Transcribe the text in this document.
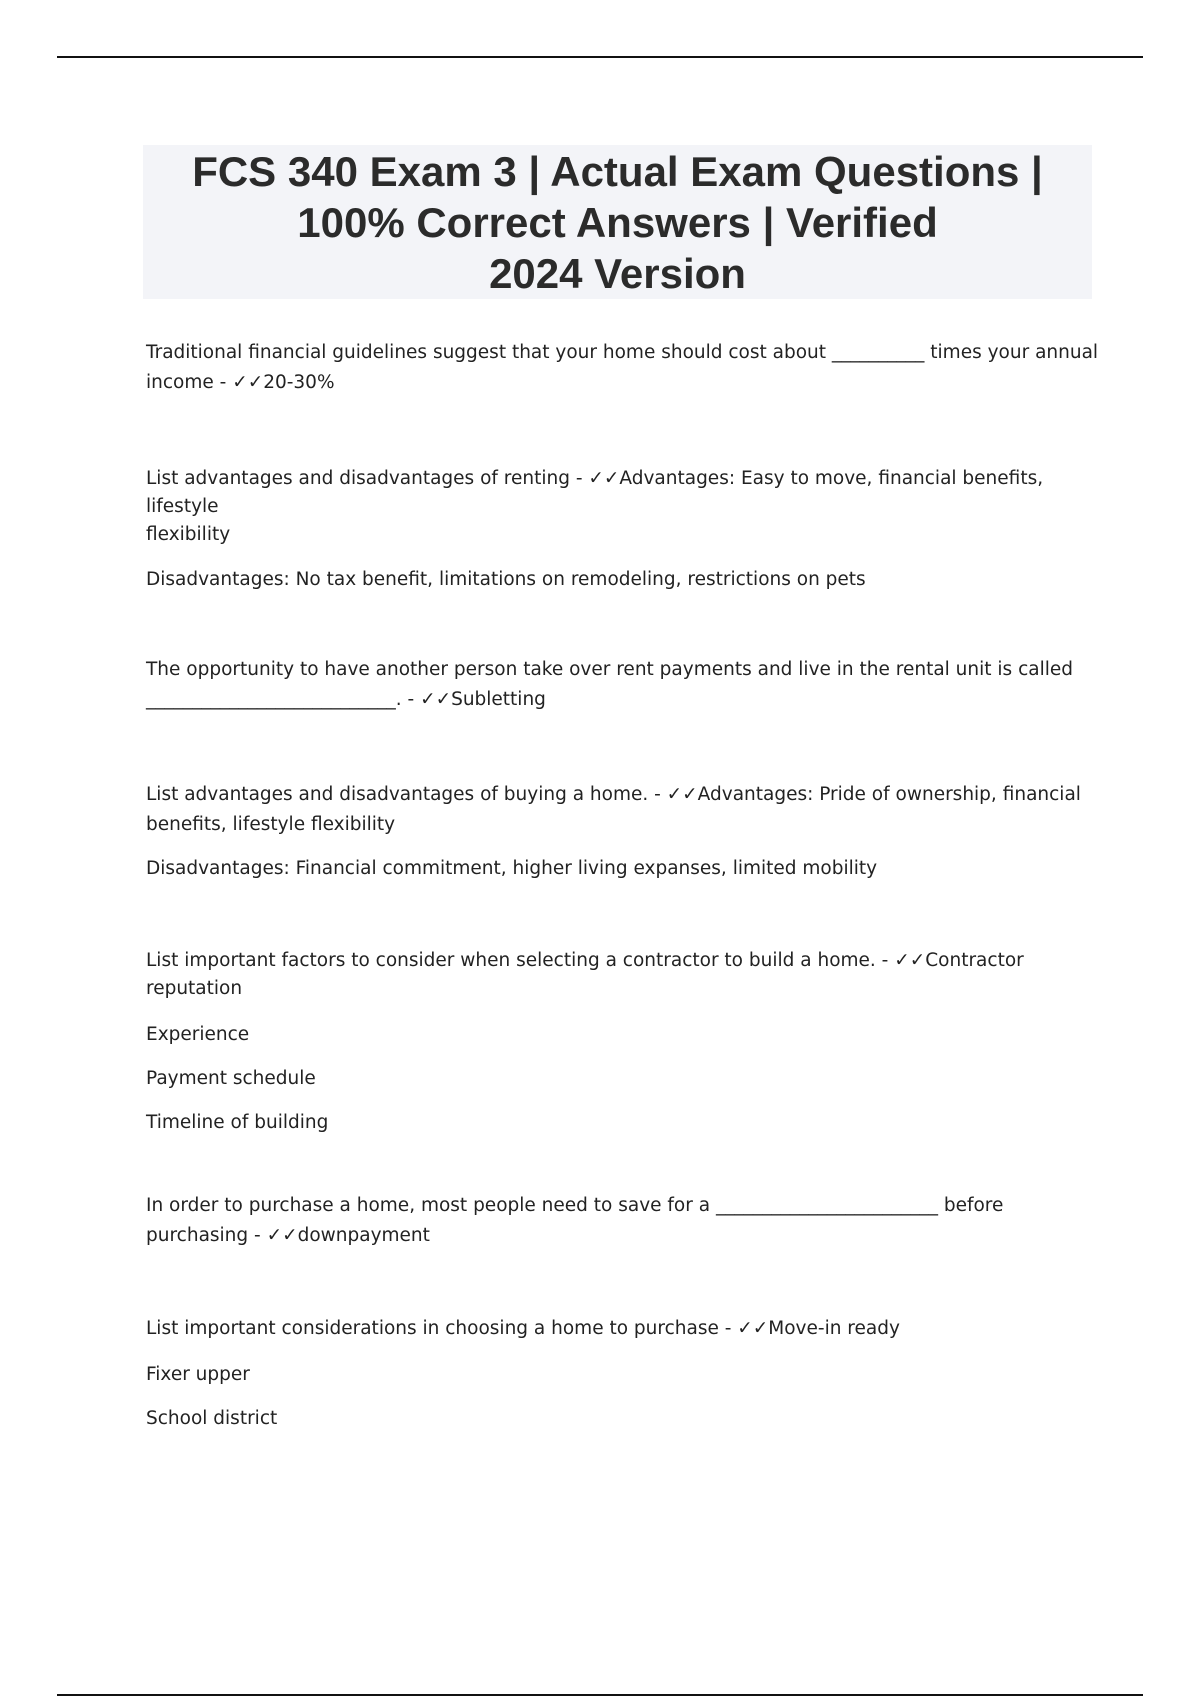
FCS 340 Exam 3 | Actual Exam Questions |
100% Correct Answers | Verified
2024 Version

Traditional financial guidelines suggest that your home should cost about __________ times your annual

income - ✓✓20-30%

List advantages and disadvantages of renting - ✓✓Advantages: Easy to move, financial benefits, lifestyle

flexibility

Disadvantages: No tax benefit, limitations on remodeling, restrictions on pets

The opportunity to have another person take over rent payments and live in the rental unit is called

___________________________. - ✓✓Subletting

List advantages and disadvantages of buying a home. - ✓✓Advantages: Pride of ownership, financial

benefits, lifestyle flexibility

Disadvantages: Financial commitment, higher living expanses, limited mobility

List important factors to consider when selecting a contractor to build a home. - ✓✓Contractor

reputation

Experience

Payment schedule

Timeline of building

In order to purchase a home, most people need to save for a ________________________ before

purchasing - ✓✓downpayment

List important considerations in choosing a home to purchase - ✓✓Move-in ready

Fixer upper

School district
